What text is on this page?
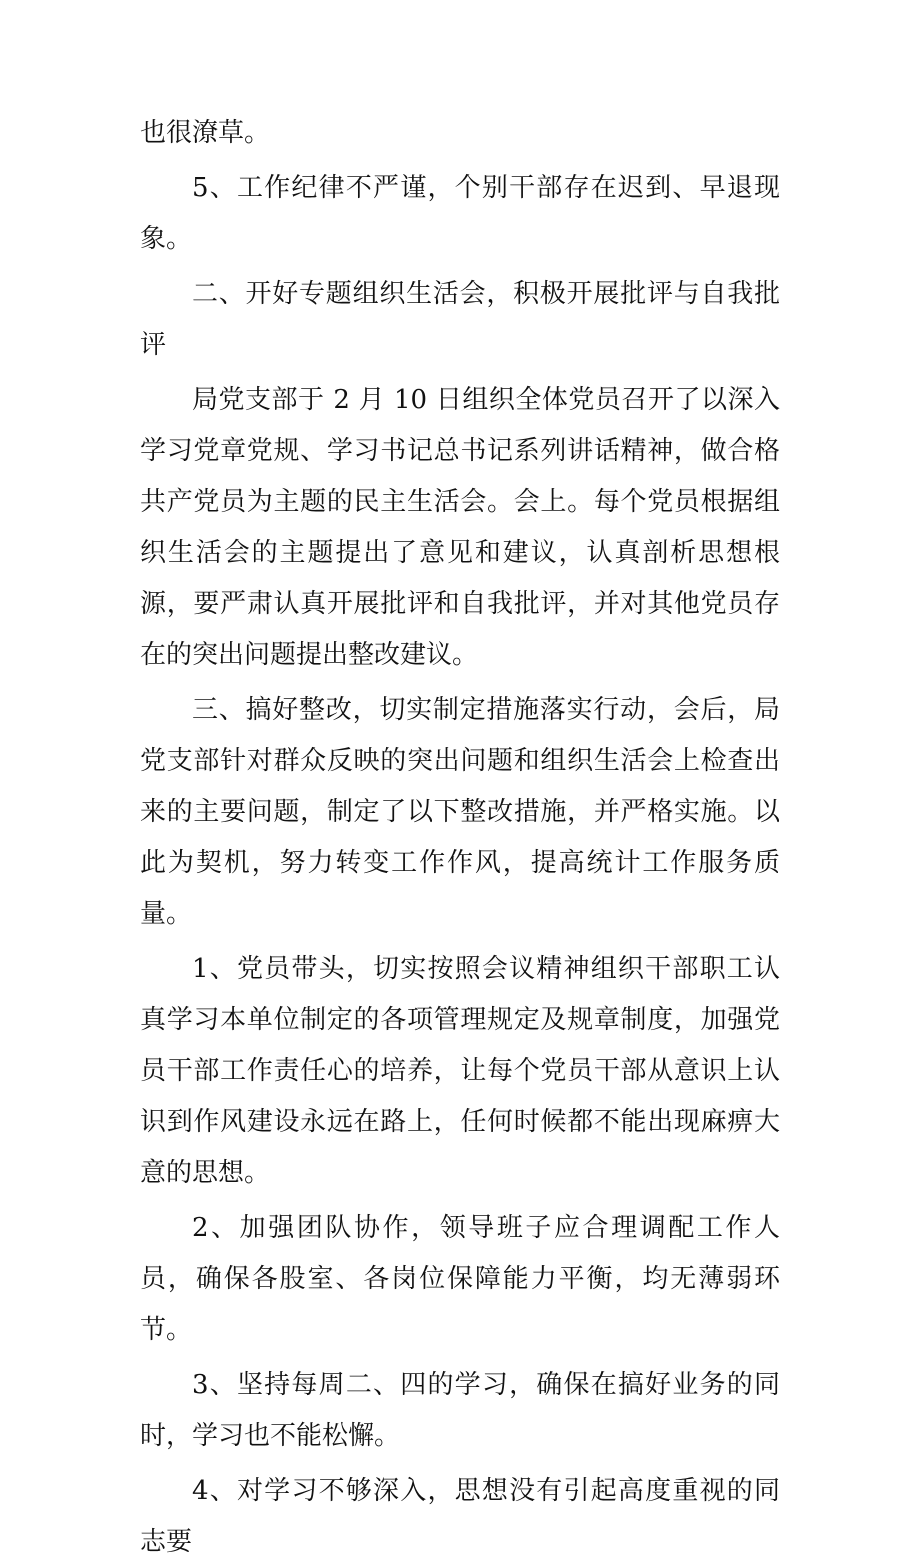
也很潦草。

5、工作纪律不严谨，个别干部存在迟到、早退现象。

二、开好专题组织生活会，积极开展批评与自我批评

局党支部于 2 月 10 日组织全体党员召开了以深入学习党章党规、学习书记总书记系列讲话精神，做合格共产党员为主题的民主生活会。会上。每个党员根据组织生活会的主题提出了意见和建议，认真剖析思想根源，要严肃认真开展批评和自我批评，并对其他党员存在的突出问题提出整改建议。

三、搞好整改，切实制定措施落实行动，会后，局党支部针对群众反映的突出问题和组织生活会上检查出来的主要问题，制定了以下整改措施，并严格实施。以此为契机，努力转变工作作风，提高统计工作服务质量。

1、党员带头，切实按照会议精神组织干部职工认真学习本单位制定的各项管理规定及规章制度，加强党员干部工作责任心的培养，让每个党员干部从意识上认识到作风建设永远在路上，任何时候都不能出现麻痹大意的思想。

2、加强团队协作，领导班子应合理调配工作人员，确保各股室、各岗位保障能力平衡，均无薄弱环节。

3、坚持每周二、四的学习，确保在搞好业务的同时，学习也不能松懈。

4、对学习不够深入，思想没有引起高度重视的同志要
